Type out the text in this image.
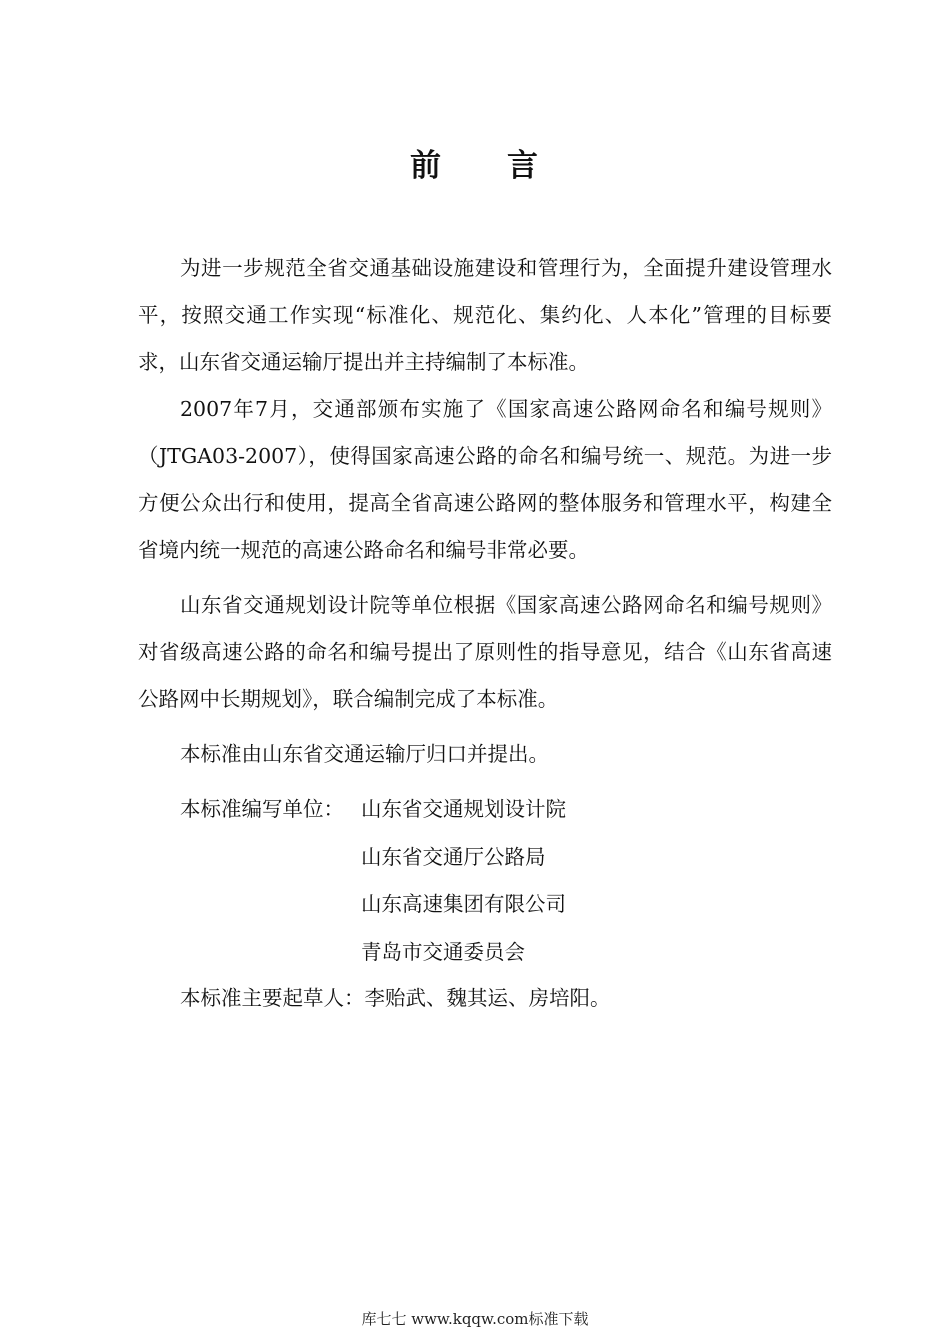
前 言

为进一步规范全省交通基础设施建设和管理行为，全面提升建设管理水平，按照交通工作实现“标准化、规范化、集约化、人本化”管理的目标要求，山东省交通运输厅提出并主持编制了本标准。

2007年7月，交通部颁布实施了《国家高速公路网命名和编号规则》（JTGA03-2007），使得国家高速公路的命名和编号统一、规范。为进一步方便公众出行和使用，提高全省高速公路网的整体服务和管理水平，构建全省境内统一规范的高速公路命名和编号非常必要。

山东省交通规划设计院等单位根据《国家高速公路网命名和编号规则》对省级高速公路的命名和编号提出了原则性的指导意见，结合《山东省高速公路网中长期规划》，联合编制完成了本标准。

本标准由山东省交通运输厅归口并提出。

本标准编写单位： 山东省交通规划设计院

山东省交通厅公路局

山东高速集团有限公司

青岛市交通委员会

本标准主要起草人：李贻武、魏其运、房培阳。

库七七 www.kqqw.com标准下载
